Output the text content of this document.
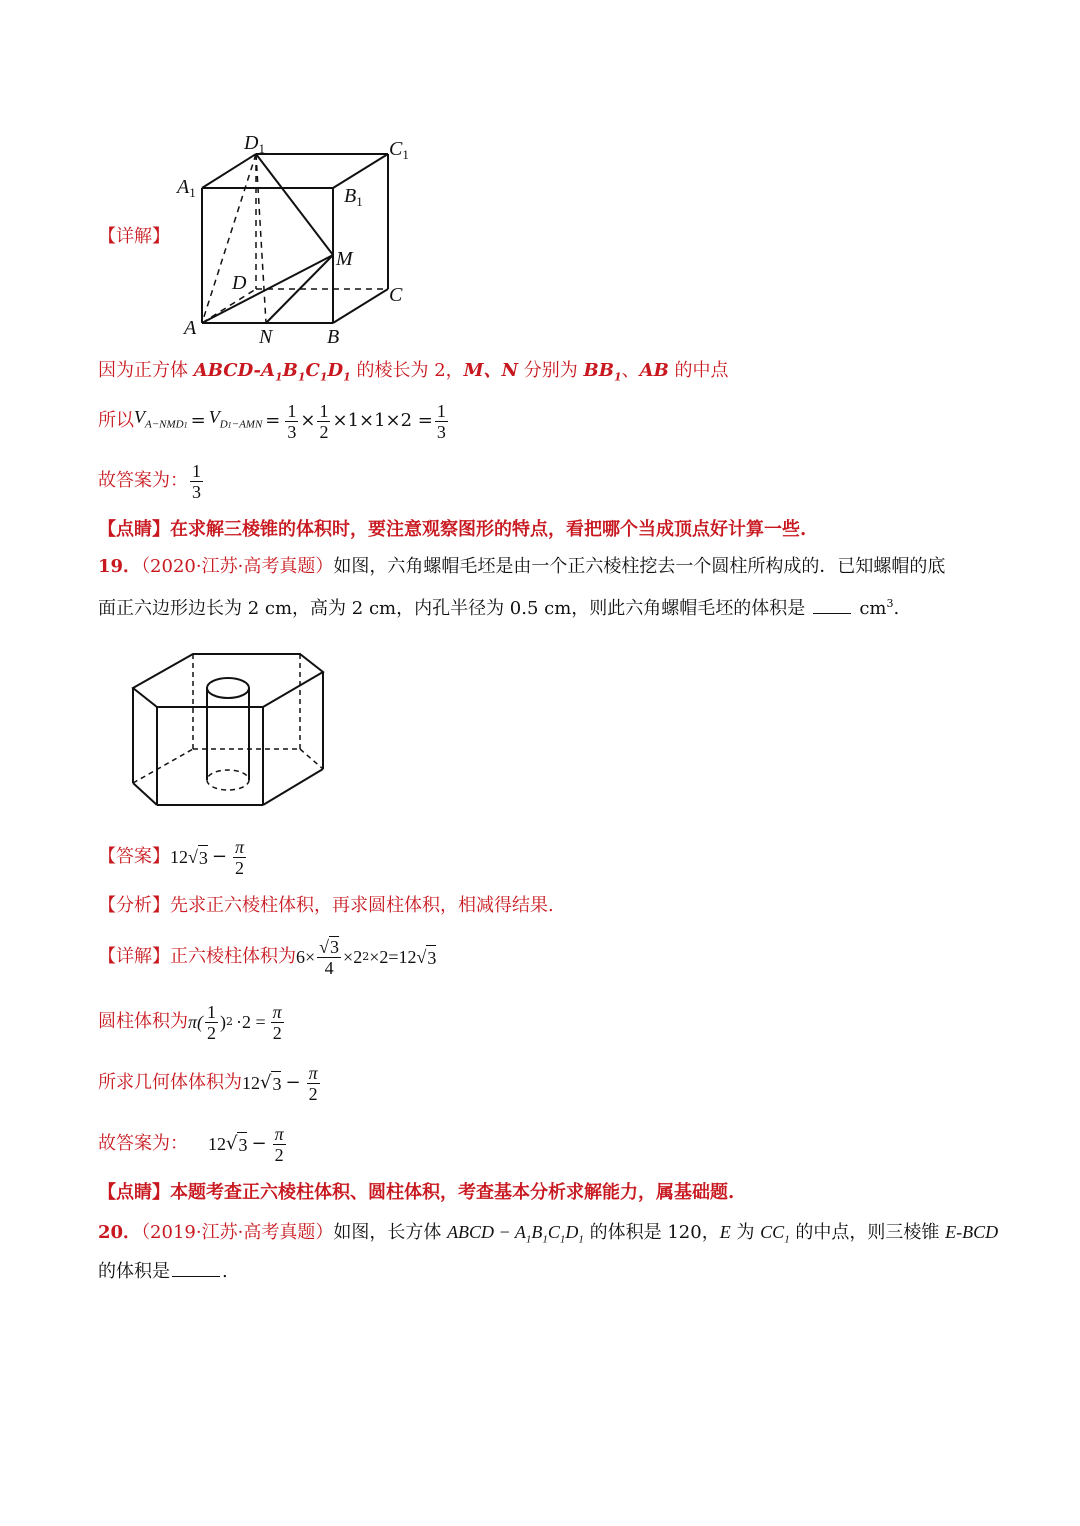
$D_1$	$C_1$
$A_1$	$B_1$
M
D
C
A	N	B
【详解】
因为正方体 ABCD-$A_1B_1C_1D_1$ 的棱长为 2，M、N 分别为 $BB_1$、AB 的中点
所以 $V_{A-NMD1} = V_{D1-AMN} = \frac{1}{3} \times \frac{1}{2} \times 1\times 1\times 2 = \frac{1}{3}$
故答案为： $\frac{1}{3}$
【点睛】在求解三棱锥的体积时，要注意观察图形的特点，看把哪个当成顶点好计算一些.
19．（2020·江苏·高考真题）如图，六角螺帽毛坯是由一个正六棱柱挖去一个圆柱所构成的．已知螺帽的底
面正六边形边长为 2 cm，高为 2 cm，内孔半径为 0.5 cm，则此六角螺帽毛坯的体积是	$cm^3$.
【答案】 12 √ $3 - \frac{\pi}{2}$
【分析】先求正六棱柱体积，再求圆柱体积，相减得结果.
【详解】 正六棱柱体积为 $6\times \frac{√3}{4} \times 2$ 2 ×2=12 √ 3
圆柱体积为 $\pi( \frac{1}{2}$ ) $2 \cdot 2 = \frac{\pi}{2}$
所求几何体体积为 12 √ $3 - \frac{\pi}{2}$
故答案为： 12 √ $3 - \frac{\pi}{2}$
【点睛】本题考查正六棱柱体积、圆柱体积，考查基本分析求解能力，属基础题.
20．（2019·江苏·高考真题）如图，长方体 ABCD − $A_1B_1C_1D_1$ 的体积是 120，E 为 $CC_1$ 的中点，则三棱锥 E-BCD
的体积是	.
